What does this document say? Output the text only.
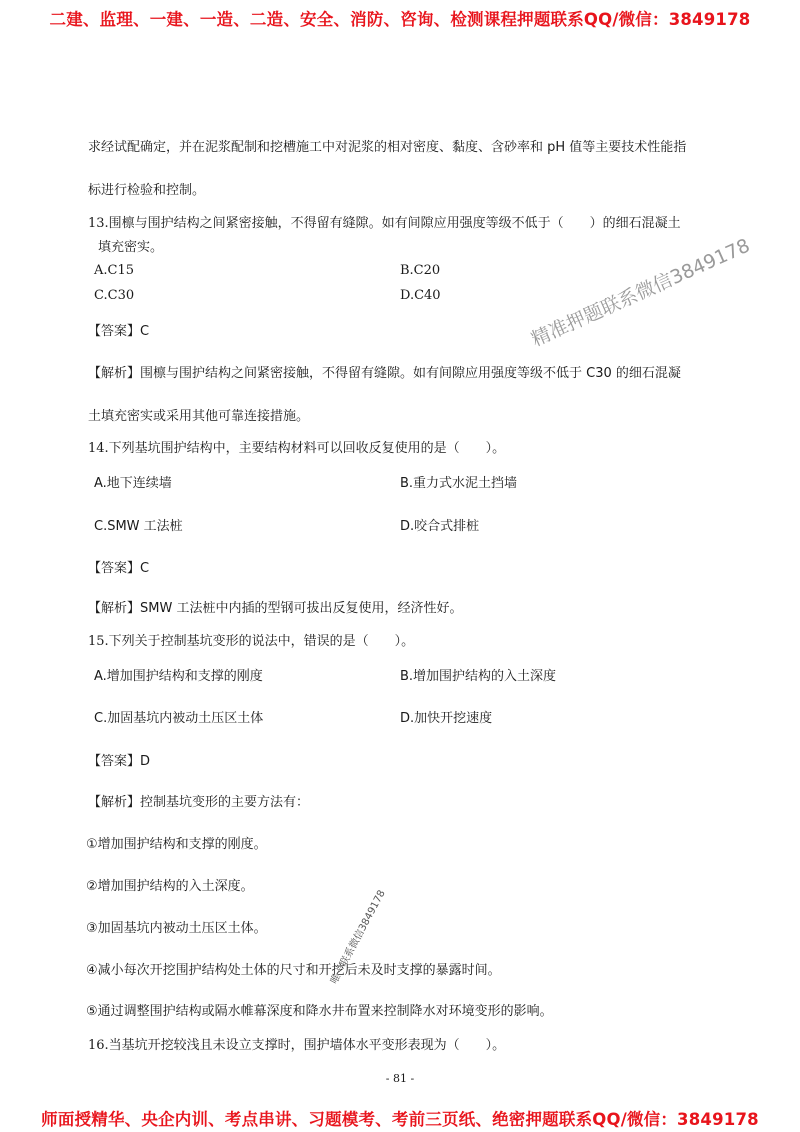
二建、监理、一建、一造、二造、安全、消防、咨询、检测课程押题联系QQ/微信：3849178
求经试配确定，并在泥浆配制和挖槽施工中对泥浆的相对密度、黏度、含砂率和 pH 值等主要技术性能指
标进行检验和控制。
13.围檩与围护结构之间紧密接触，不得留有缝隙。如有间隙应用强度等级不低于（　　）的细石混凝土
填充密实。
A.C15	B.C20
C.C30	D.C40
【答案】C
【解析】围檩与围护结构之间紧密接触，不得留有缝隙。如有间隙应用强度等级不低于 C30 的细石混凝
土填充密实或采用其他可靠连接措施。
14.下列基坑围护结构中，主要结构材料可以回收反复使用的是（　　）。
A.地下连续墙	B.重力式水泥土挡墙
C.SMW 工法桩	D.咬合式排桩
【答案】C
【解析】SMW 工法桩中内插的型钢可拔出反复使用，经济性好。
15.下列关于控制基坑变形的说法中，错误的是（　　）。
A.增加围护结构和支撑的刚度	B.增加围护结构的入土深度
C.加固基坑内被动土压区土体	D.加快开挖速度
【答案】D
【解析】控制基坑变形的主要方法有：
①增加围护结构和支撑的刚度。
②增加围护结构的入土深度。
③加固基坑内被动土压区土体。
④减小每次开挖围护结构处土体的尺寸和开挖后未及时支撑的暴露时间。
⑤通过调整围护结构或隔水帷幕深度和降水井布置来控制降水对环境变形的影响。
16.当基坑开挖较浅且未设立支撑时，围护墙体水平变形表现为（　　）。
- 81 -
精准押题联系微信3849178
唯一联系微信3849178
师面授精华、央企内训、考点串讲、习题模考、考前三页纸、绝密押题联系QQ/微信：3849178
